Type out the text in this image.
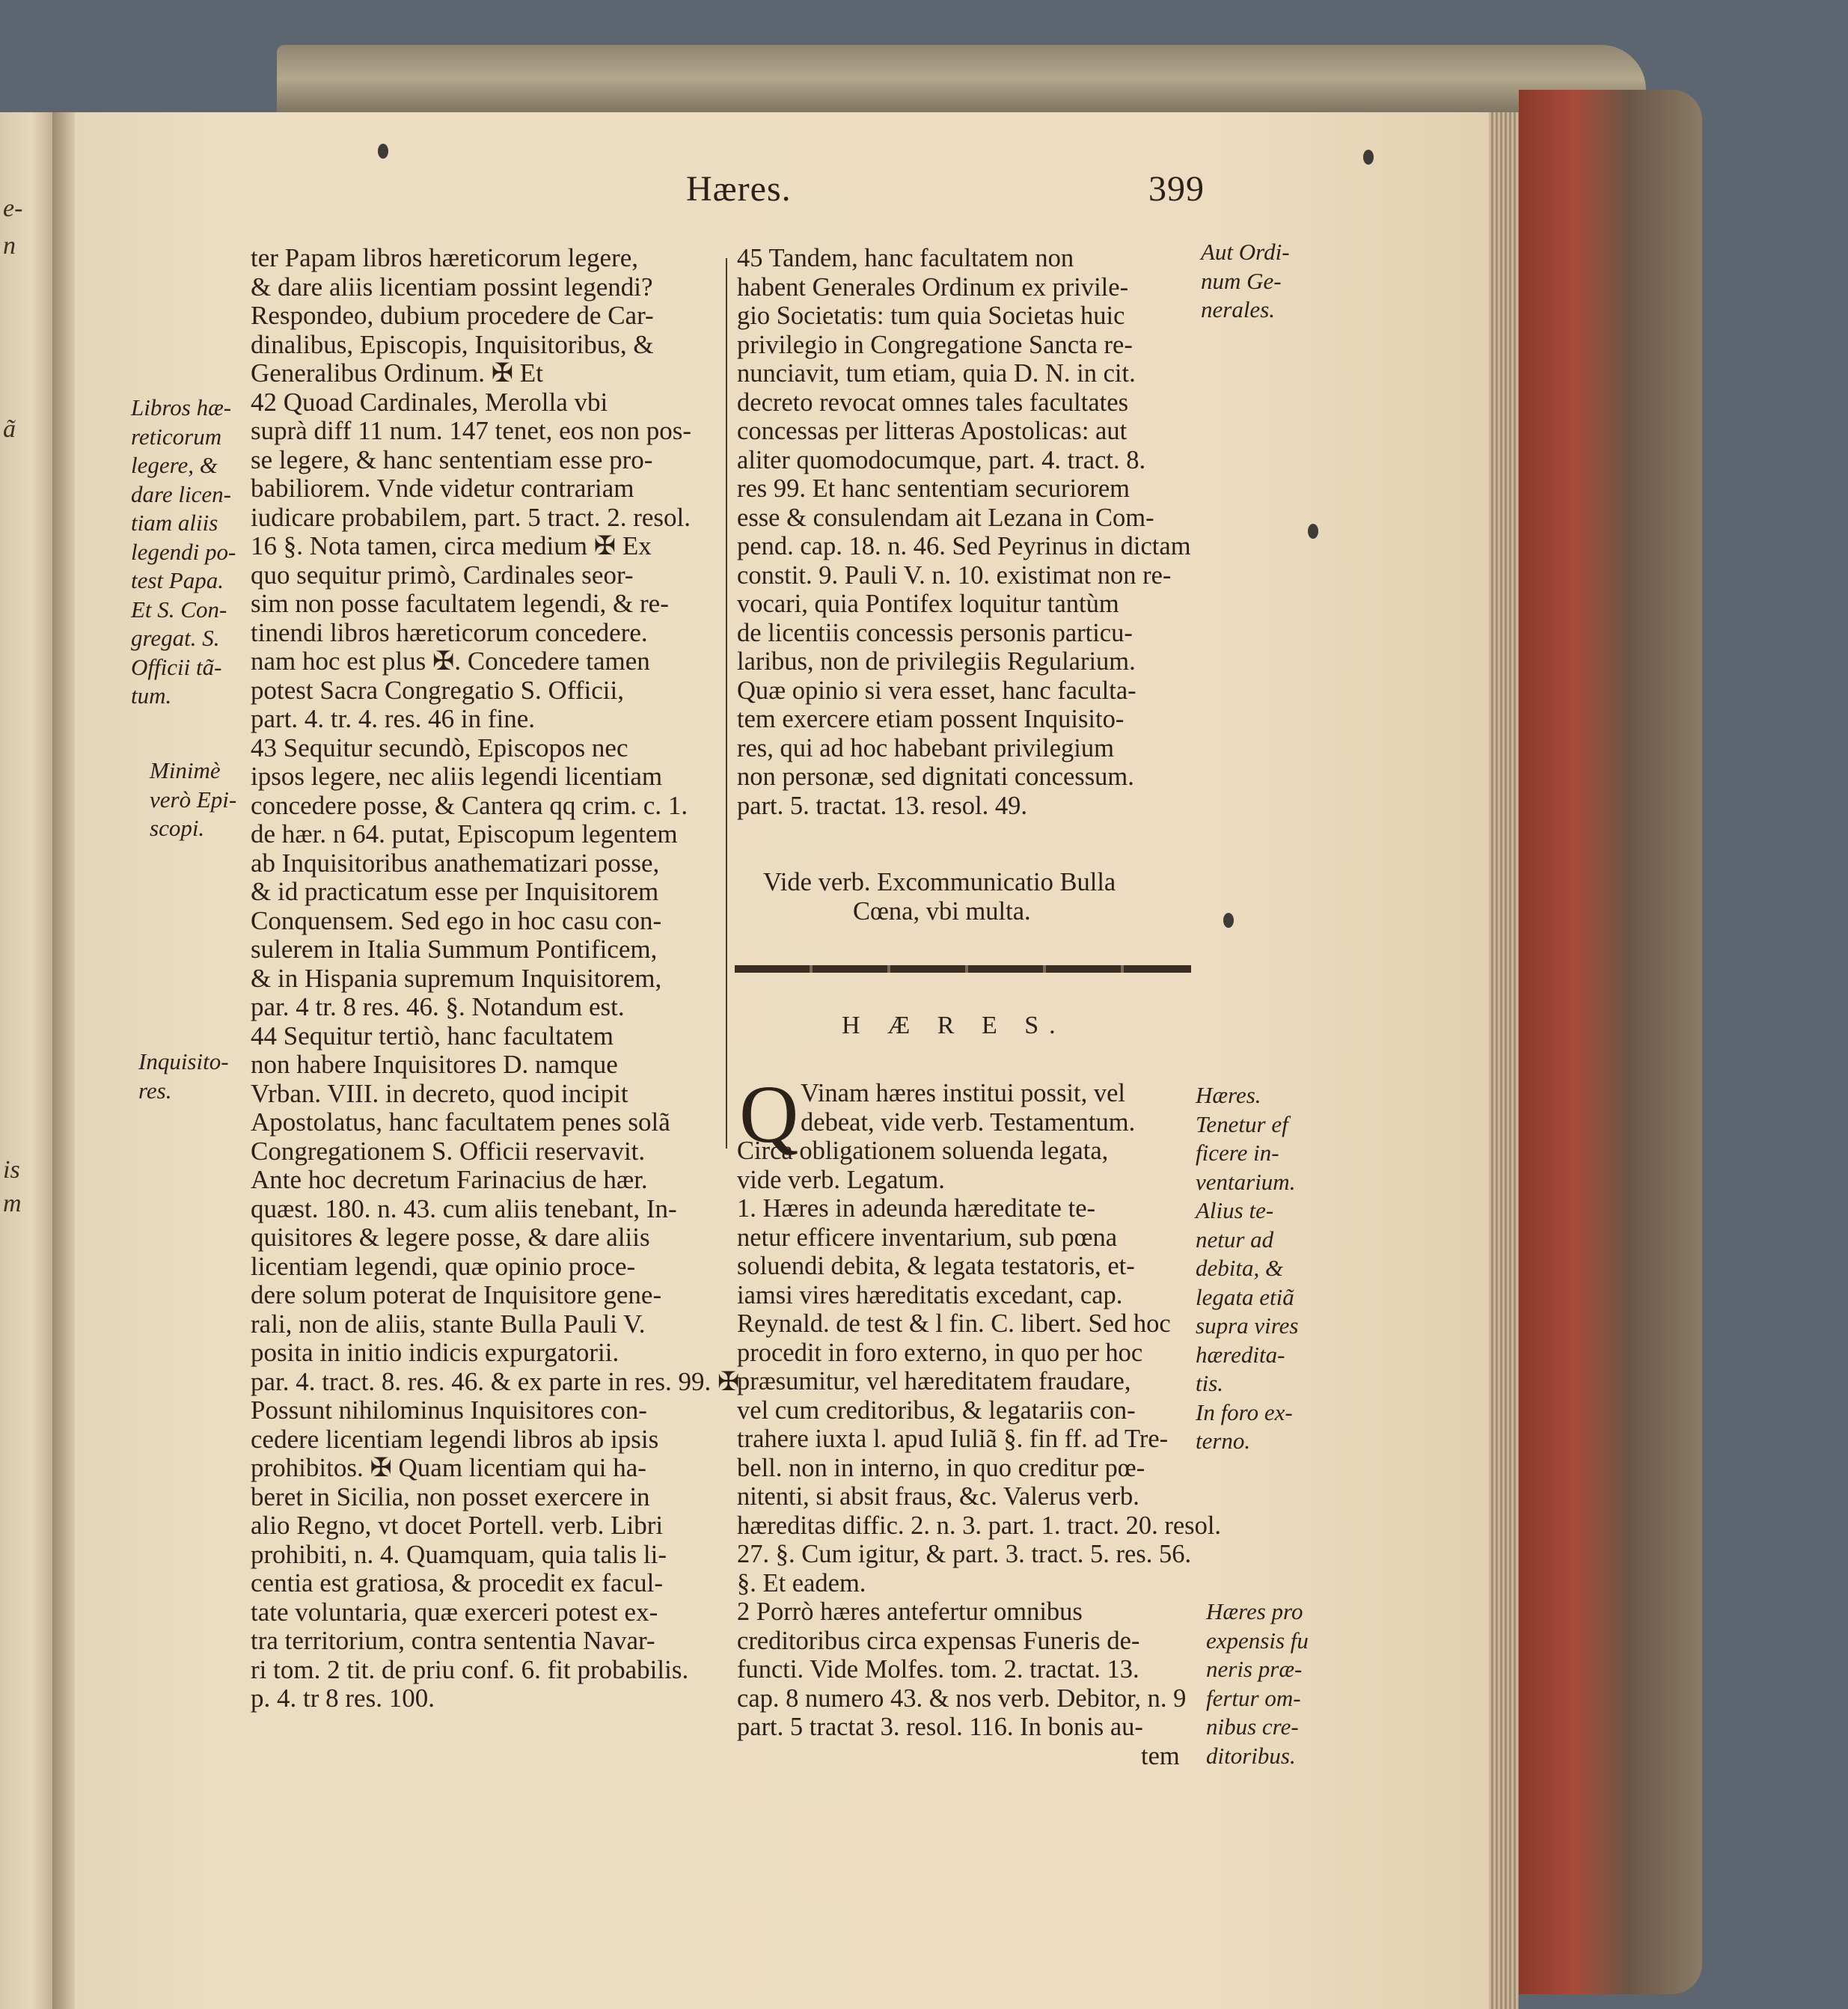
e-
n
ã
is
m
Hæres.	399
Libros hæ-
reticorum
legere, &
dare licen-
tiam aliis
legendi po-
test Papa.
Et S. Con-
gregat. S.
Officii tã-
tum.
Minimè
verò Epi-
scopi.
Inquisito-
res.
ter Papam libros hæreticorum legere,
& dare aliis licentiam possint legendi?
Respondeo, dubium procedere de Car-
dinalibus, Episcopis, Inquisitoribus, &
Generalibus Ordinum. ✠ Et
42 Quoad Cardinales, Merolla vbi
suprà diff 11 num. 147 tenet, eos non pos-
se legere, & hanc sententiam esse pro-
babiliorem. Vnde videtur contrariam
iudicare probabilem, part. 5 tract. 2. resol.
16 §. Nota tamen, circa medium ✠ Ex
quo sequitur primò, Cardinales seor-
sim non posse facultatem legendi, & re-
tinendi libros hæreticorum concedere.
nam hoc est plus ✠. Concedere tamen
potest Sacra Congregatio S. Officii,
part. 4. tr. 4. res. 46 in fine.
43 Sequitur secundò, Episcopos nec
ipsos legere, nec aliis legendi licentiam
concedere posse, & Cantera qq crim. c. 1.
de hær. n 64. putat, Episcopum legentem
ab Inquisitoribus anathematizari posse,
& id practicatum esse per Inquisitorem
Conquensem. Sed ego in hoc casu con-
sulerem in Italia Summum Pontificem,
& in Hispania supremum Inquisitorem,
par. 4 tr. 8 res. 46. §. Notandum est.
44 Sequitur tertiò, hanc facultatem
non habere Inquisitores D. namque
Vrban. VIII. in decreto, quod incipit
Apostolatus, hanc facultatem penes solã
Congregationem S. Officii reservavit.
Ante hoc decretum Farinacius de hær.
quæst. 180. n. 43. cum aliis tenebant, In-
quisitores & legere posse, & dare aliis
licentiam legendi, quæ opinio proce-
dere solum poterat de Inquisitore gene-
rali, non de aliis, stante Bulla Pauli V.
posita in initio indicis expurgatorii.
par. 4. tract. 8. res. 46. & ex parte in res. 99. ✠
Possunt nihilominus Inquisitores con-
cedere licentiam legendi libros ab ipsis
prohibitos. ✠ Quam licentiam qui ha-
beret in Sicilia, non posset exercere in
alio Regno, vt docet Portell. verb. Libri
prohibiti, n. 4. Quamquam, quia talis li-
centia est gratiosa, & procedit ex facul-
tate voluntaria, quæ exerceri potest ex-
tra territorium, contra sententia Navar-
ri tom. 2 tit. de priu conf. 6. fit probabilis.
p. 4. tr 8 res. 100.
45 Tandem, hanc facultatem non
habent Generales Ordinum ex privile-
gio Societatis: tum quia Societas huic
privilegio in Congregatione Sancta re-
nunciavit, tum etiam, quia D. N. in cit.
decreto revocat omnes tales facultates
concessas per litteras Apostolicas: aut
aliter quomodocumque, part. 4. tract. 8.
res 99. Et hanc sententiam securiorem
esse & consulendam ait Lezana in Com-
pend. cap. 18. n. 46. Sed Peyrinus in dictam
constit. 9. Pauli V. n. 10. existimat non re-
vocari, quia Pontifex loquitur tantùm
de licentiis concessis personis particu-
laribus, non de privilegiis Regularium.
Quæ opinio si vera esset, hanc faculta-
tem exercere etiam possent Inquisito-
res, qui ad hoc habebant privilegium
non personæ, sed dignitati concessum.
part. 5. tractat. 13. resol. 49.
Vide verb. Excommunicatio Bulla
Cœna, vbi multa.
Aut Ordi-
num Ge-
nerales.
H Æ R E S.
Q Vinam hæres institui possit, vel
debeat, vide verb. Testamentum.
Circa obligationem soluenda legata,
vide verb. Legatum.
1. Hæres in adeunda hæreditate te-
netur efficere inventarium, sub pœna
soluendi debita, & legata testatoris, et-
iamsi vires hæreditatis excedant, cap.
Reynald. de test & l fin. C. libert. Sed hoc
procedit in foro externo, in quo per hoc
præsumitur, vel hæreditatem fraudare,
vel cum creditoribus, & legatariis con-
trahere iuxta l. apud Iuliã §. fin ff. ad Tre-
bell. non in interno, in quo creditur pœ-
nitenti, si absit fraus, &c. Valerus verb.
hæreditas diffic. 2. n. 3. part. 1. tract. 20. resol.
27. §. Cum igitur, & part. 3. tract. 5. res. 56.
§. Et eadem.
2 Porrò hæres antefertur omnibus
creditoribus circa expensas Funeris de-
functi. Vide Molfes. tom. 2. tractat. 13.
cap. 8 numero 43. & nos verb. Debitor, n. 9
part. 5 tractat 3. resol. 116. In bonis au-
tem
Hæres.
Tenetur ef
ficere in-
ventarium.
Alius te-
netur ad
debita, &
legata etiã
supra vires
hæredita-
tis.
In foro ex-
terno.
Hæres pro
expensis fu
neris præ-
fertur om-
nibus cre-
ditoribus.
